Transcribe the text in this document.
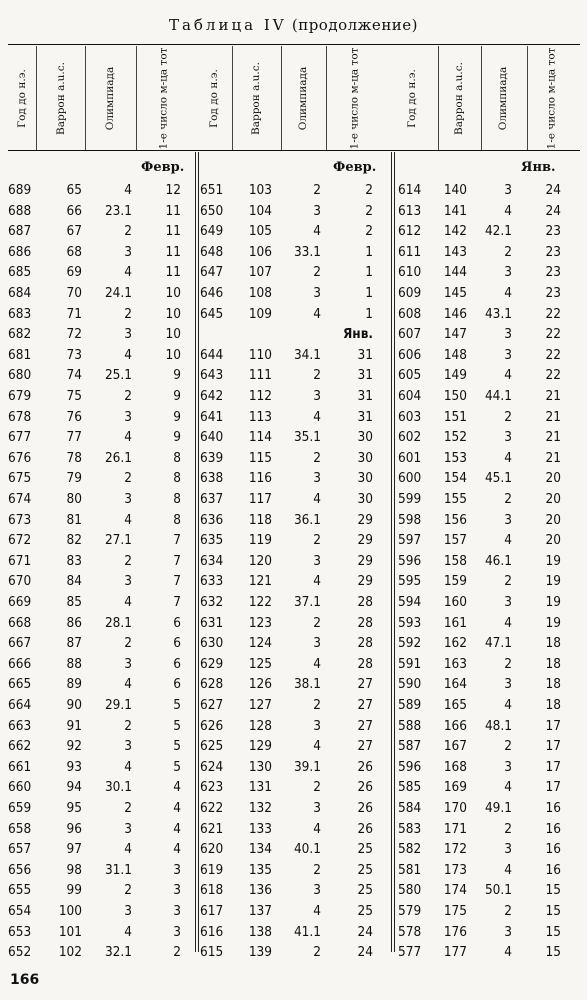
Таблица IV (продолжение)
Год до н.э.	Варрон a.u.c.	Олимпиада	1-е число м-ца тот
Февр.
689	65	4	12
688	66	23.1	11
687	67	2	11
686	68	3	11
685	69	4	11
684	70	24.1	10
683	71	2	10
682	72	3	10
681	73	4	10
680	74	25.1	9
679	75	2	9
678	76	3	9
677	77	4	9
676	78	26.1	8
675	79	2	8
674	80	3	8
673	81	4	8
672	82	27.1	7
671	83	2	7
670	84	3	7
669	85	4	7
668	86	28.1	6
667	87	2	6
666	88	3	6
665	89	4	6
664	90	29.1	5
663	91	2	5
662	92	3	5
661	93	4	5
660	94	30.1	4
659	95	2	4
658	96	3	4
657	97	4	4
656	98	31.1	3
655	99	2	3
654	100	3	3
653	101	4	3
652	102	32.1	2
Год до н.э.	Варрон a.u.c.	Олимпиада	1-е число м-ца тот
Февр.
651	103	2	2
650	104	3	2
649	105	4	2
648	106	33.1	1
647	107	2	1
646	108	3	1
645	109	4	1
Янв.
644	110	34.1	31
643	111	2	31
642	112	3	31
641	113	4	31
640	114	35.1	30
639	115	2	30
638	116	3	30
637	117	4	30
636	118	36.1	29
635	119	2	29
634	120	3	29
633	121	4	29
632	122	37.1	28
631	123	2	28
630	124	3	28
629	125	4	28
628	126	38.1	27
627	127	2	27
626	128	3	27
625	129	4	27
624	130	39.1	26
623	131	2	26
622	132	3	26
621	133	4	26
620	134	40.1	25
619	135	2	25
618	136	3	25
617	137	4	25
616	138	41.1	24
615	139	2	24
Год до н.э.	Варрон a.u.c.	Олимпиада	1-е число м-ца тот
Янв.
614	140	3	24
613	141	4	24
612	142	42.1	23
611	143	2	23
610	144	3	23
609	145	4	23
608	146	43.1	22
607	147	3	22
606	148	3	22
605	149	4	22
604	150	44.1	21
603	151	2	21
602	152	3	21
601	153	4	21
600	154	45.1	20
599	155	2	20
598	156	3	20
597	157	4	20
596	158	46.1	19
595	159	2	19
594	160	3	19
593	161	4	19
592	162	47.1	18
591	163	2	18
590	164	3	18
589	165	4	18
588	166	48.1	17
587	167	2	17
596	168	3	17
585	169	4	17
584	170	49.1	16
583	171	2	16
582	172	3	16
581	173	4	16
580	174	50.1	15
579	175	2	15
578	176	3	15
577	177	4	15
166
